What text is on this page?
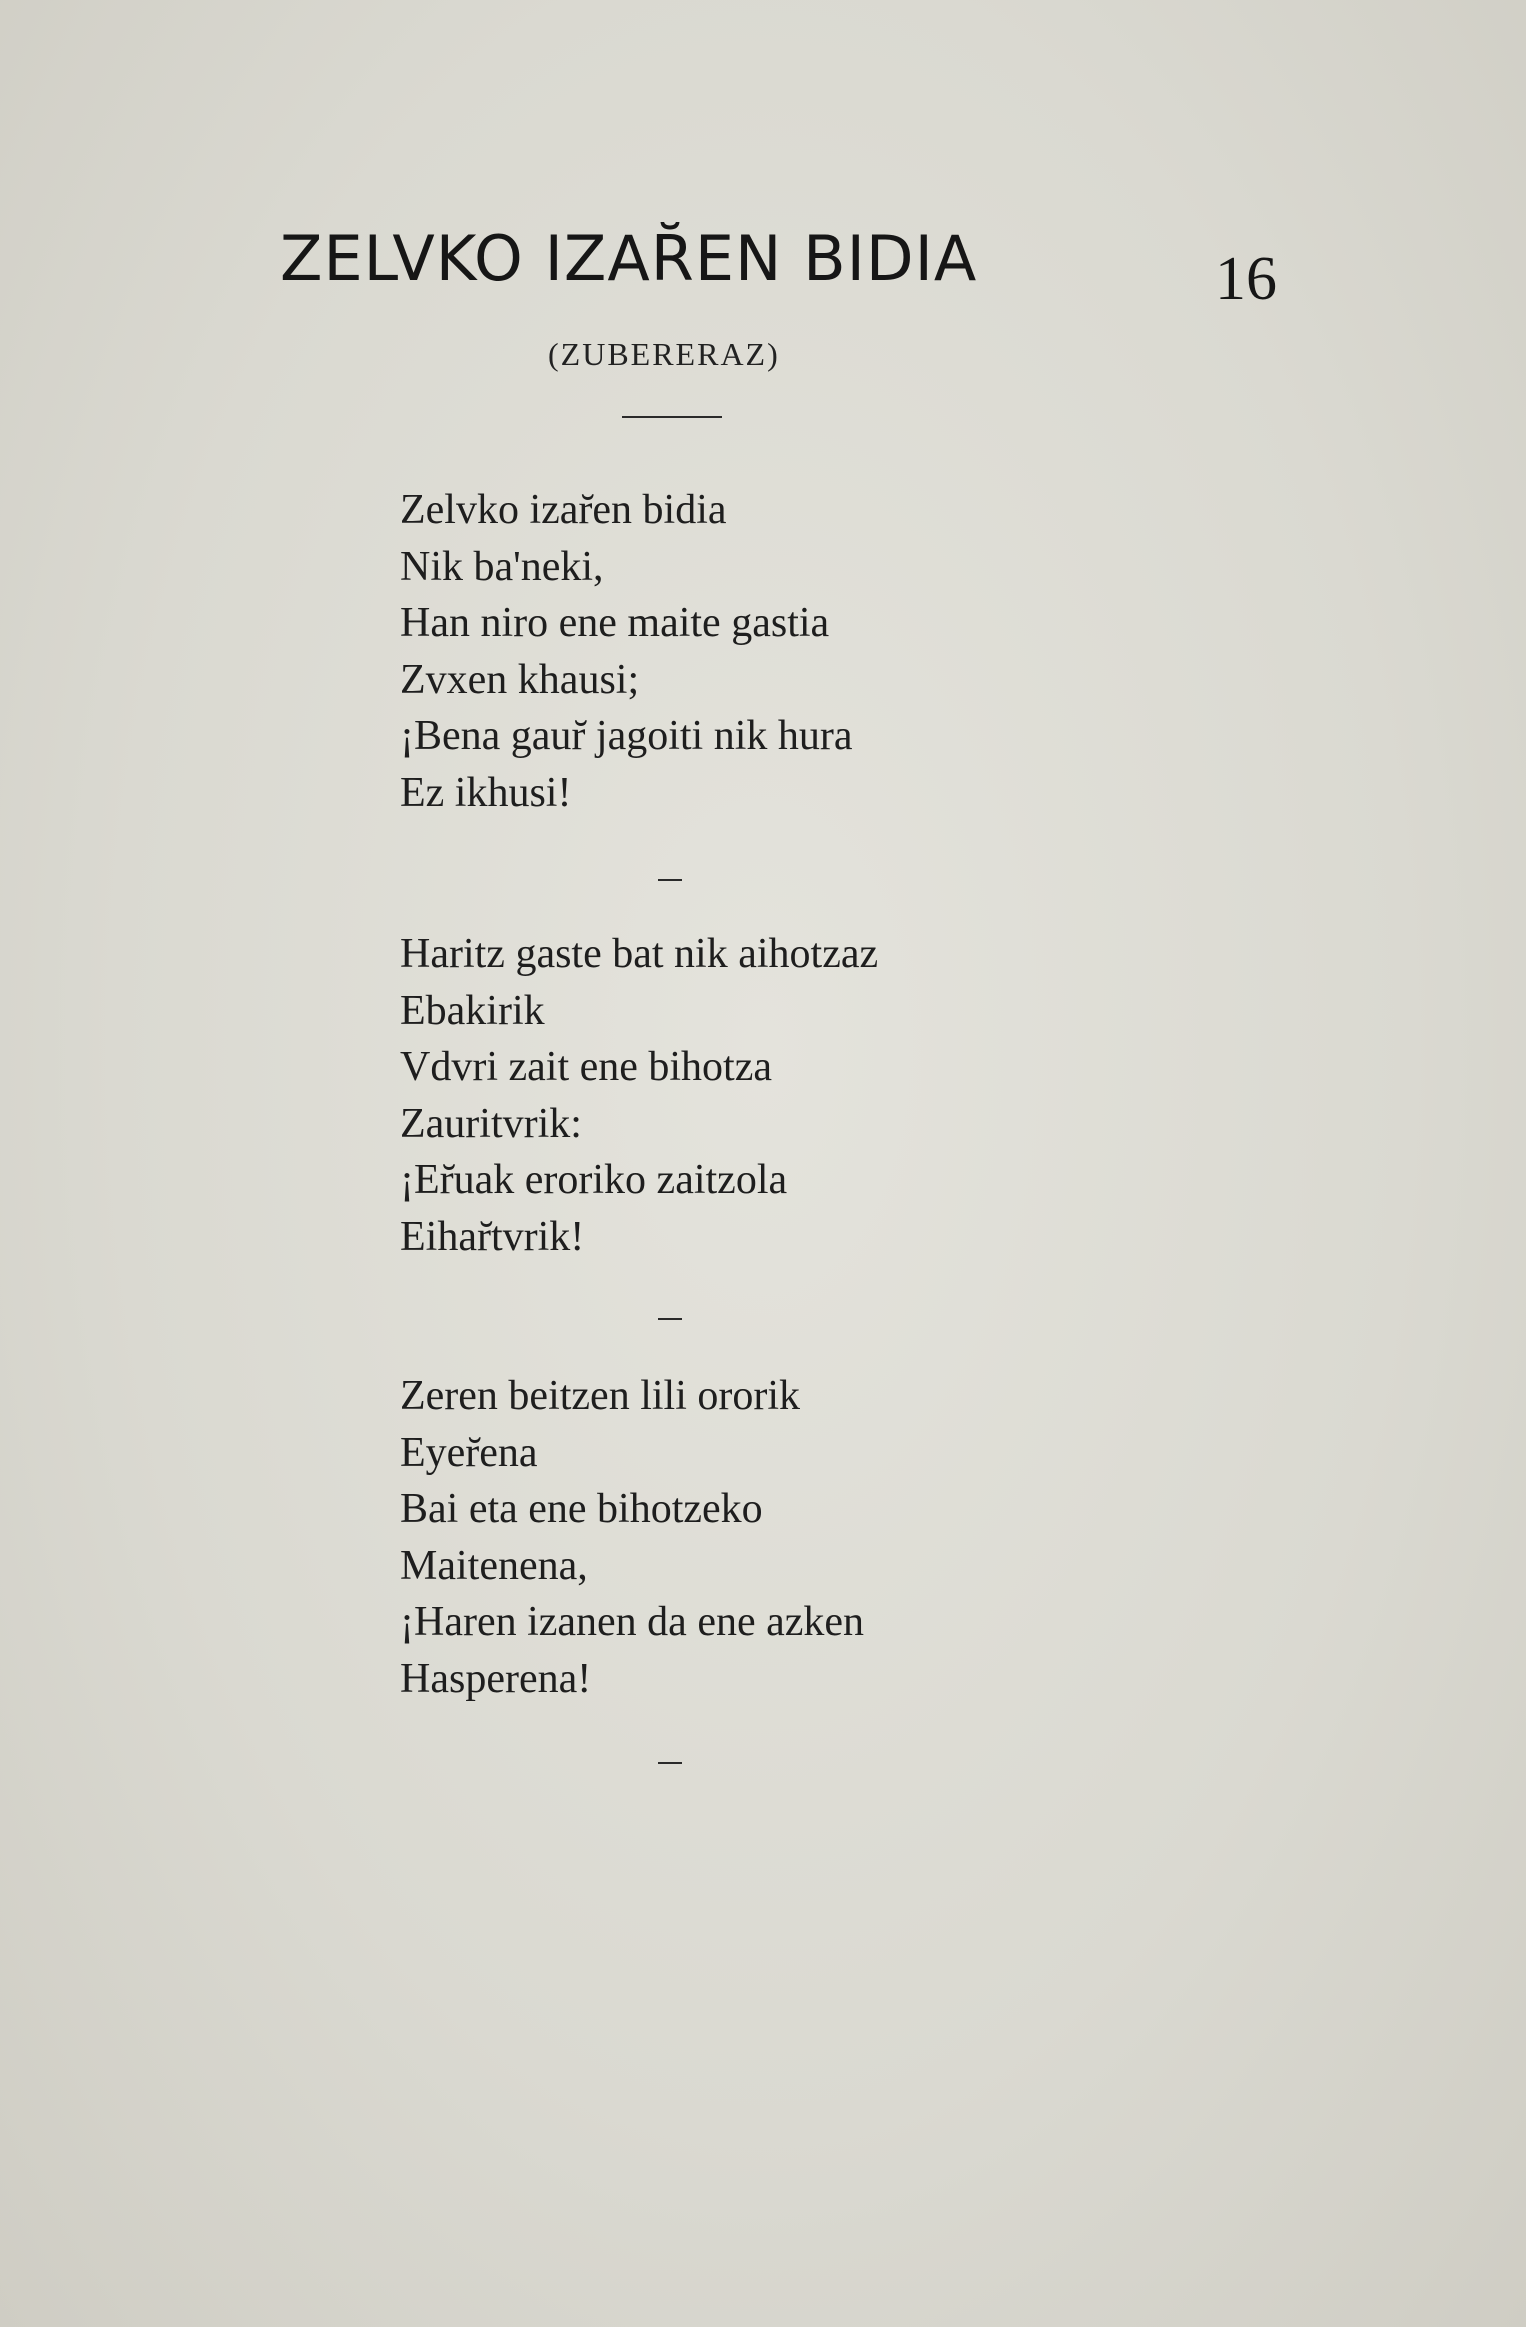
ZELVKO IZAR̆EN BIDIA	16
(ZUBERERAZ)
Zelvko izar̆en bidia
Nik ba'neki,
Han niro ene maite gastia
Zvxen khausi;
¡Bena gaur̆ jagoiti nik hura
Ez ikhusi!
Haritz gaste bat nik aihotzaz
Ebakirik
Vdvri zait ene bihotza
Zauritvrik:
¡Er̆uak eroriko zaitzola
Eihar̆tvrik!
Zeren beitzen lili ororik
Eyer̆ena
Bai eta ene bihotzeko
Maitenena,
¡Haren izanen da ene azken
Hasperena!
